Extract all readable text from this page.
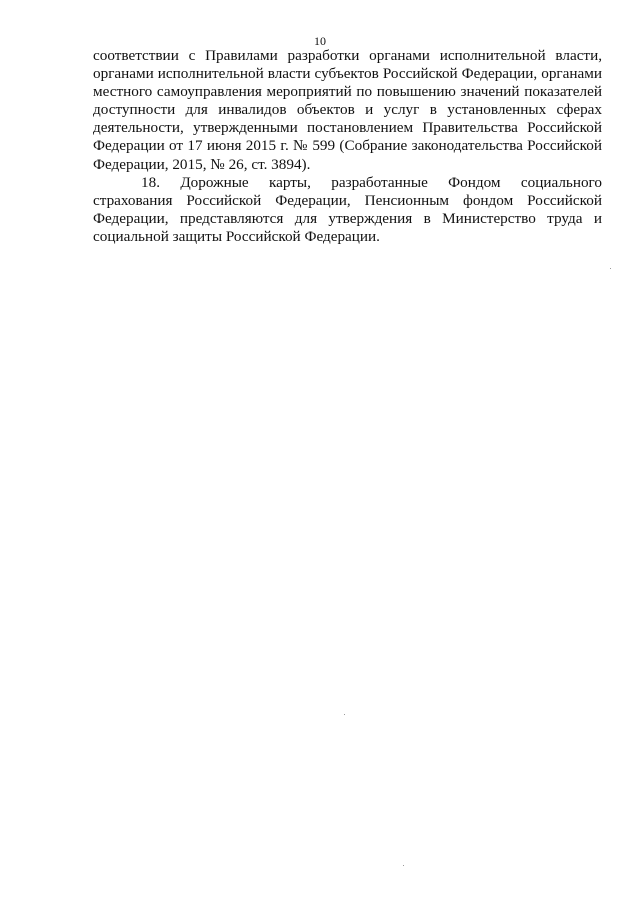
10

соответствии с Правилами разработки органами исполнительной власти, органами исполнительной власти субъектов Российской Федерации, органами местного самоуправления мероприятий по повышению значений показателей доступности для инвалидов объектов и услуг в установленных сферах деятельности, утвержденными постановлением Правительства Российской Федерации от 17 июня 2015 г. № 599 (Собрание законодательства Российской Федерации, 2015, № 26, ст. 3894).

18. Дорожные карты, разработанные Фондом социального страхования Российской Федерации, Пенсионным фондом Российской Федерации, представляются для утверждения в Министерство труда и социальной защиты Российской Федерации.
